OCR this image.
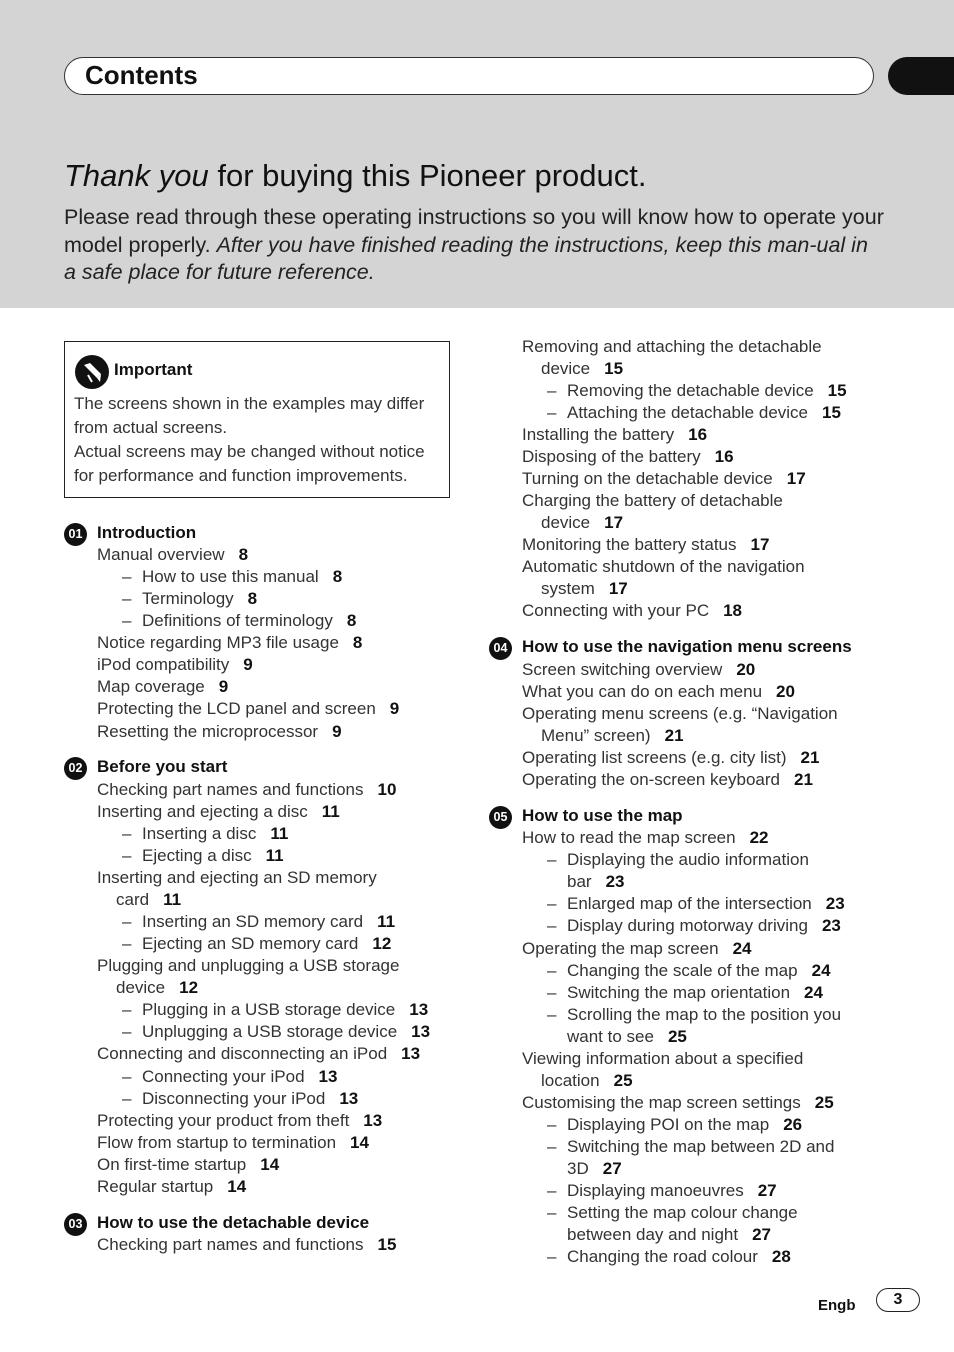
Contents
Thank you for buying this Pioneer product.
Please read through these operating instructions so you will know how to operate your model properly. After you have finished reading the instructions, keep this man-ual in a safe place for future reference.
Important
The screens shown in the examples may differ from actual screens.
Actual screens may be changed without notice for performance and function improvements.
01 Introduction
02 Before you start
03 How to use the detachable device
04 How to use the navigation menu screens
05 How to use the map
Manual overview 8
– How to use this manual 8
– Terminology 8
– Definitions of terminology 8
Notice regarding MP3 file usage 8
iPod compatibility 9
Map coverage 9
Protecting the LCD panel and screen 9
Resetting the microprocessor 9
Checking part names and functions 10
Inserting and ejecting a disc 11
– Inserting a disc 11
– Ejecting a disc 11
Inserting and ejecting an SD memory
card 11
– Inserting an SD memory card 11
– Ejecting an SD memory card 12
Plugging and unplugging a USB storage
device 12
– Plugging in a USB storage device 13
– Unplugging a USB storage device 13
Connecting and disconnecting an iPod 13
– Connecting your iPod 13
– Disconnecting your iPod 13
Protecting your product from theft 13
Flow from startup to termination 14
On first-time startup 14
Regular startup 14
Checking part names and functions 15
Removing and attaching the detachable
device 15
– Removing the detachable device 15
– Attaching the detachable device 15
Installing the battery 16
Disposing of the battery 16
Turning on the detachable device 17
Charging the battery of detachable
device 17
Monitoring the battery status 17
Automatic shutdown of the navigation
system 17
Connecting with your PC 18
Screen switching overview 20
What you can do on each menu 20
Operating menu screens (e.g. “Navigation
Menu” screen) 21
Operating list screens (e.g. city list) 21
Operating the on-screen keyboard 21
How to read the map screen 22
– Displaying the audio information
bar 23
– Enlarged map of the intersection 23
– Display during motorway driving 23
Operating the map screen 24
– Changing the scale of the map 24
– Switching the map orientation 24
– Scrolling the map to the position you
want to see 25
Viewing information about a specified
location 25
Customising the map screen settings 25
– Displaying POI on the map 26
– Switching the map between 2D and
3D 27
– Displaying manoeuvres 27
– Setting the map colour change
between day and night 27
– Changing the road colour 28
Engb	3
